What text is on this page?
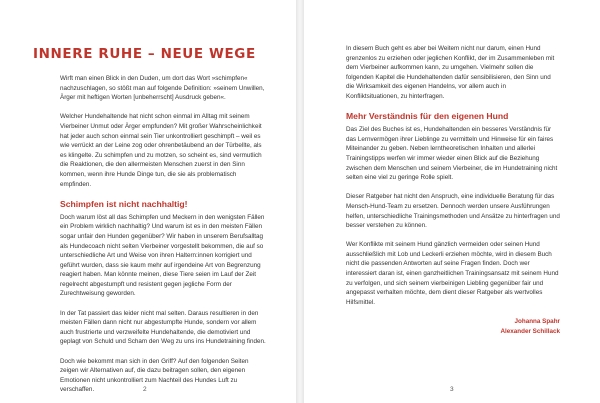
INNERE RUHE – NEUE WEGE

Wirft man einen Blick in den Duden, um dort das Wort »schimpfen« nachzuschlagen, so stößt man auf folgende Definition: »seinem Unwillen, Ärger mit heftigen Worten [unbeherrscht] Ausdruck geben«.

Welcher Hundehaltende hat nicht schon einmal im Alltag mit seinem Vierbeiner Unmut oder Ärger empfunden? Mit großer Wahrscheinlichkeit hat jeder auch schon einmal sein Tier unkontrolliert geschimpft – weil es wie verrückt an der Leine zog oder ohrenbetäubend an der Türbellte, als es klingelte. Zu schimpfen und zu motzen, so scheint es, sind vermutlich die Reaktionen, die den allermeisten Menschen zuerst in den Sinn kommen, wenn ihre Hunde Dinge tun, die sie als problematisch empfinden.

Schimpfen ist nicht nachhaltig!

Doch warum löst all das Schimpfen und Meckern in den wenigsten Fällen ein Problem wirklich nachhaltig? Und warum ist es in den meisten Fällen sogar unfair den Hunden gegenüber? Wir haben in unserem Berufsalltag als Hundecoach nicht selten Vierbeiner vorgestellt bekommen, die auf so unterschiedliche Art und Weise von ihren Haltern:innen korrigiert und geführt wurden, dass sie kaum mehr auf irgendeine Art von Begrenzung reagiert haben. Man könnte meinen, diese Tiere seien im Lauf der Zeit regelrecht abgestumpft und resistent gegen jegliche Form der Zurechtweisung geworden.

In der Tat passiert das leider nicht mal selten. Daraus resultieren in den meisten Fällen dann nicht nur abgestumpfte Hunde, sondern vor allem auch frustrierte und verzweifelte Hundehaltende, die demotiviert und geplagt von Schuld und Scham den Weg zu uns ins Hundetraining finden.

Doch wie bekommt man sich in den Griff? Auf den folgenden Seiten zeigen wir Alternativen auf, die dazu beitragen sollen, den eigenen Emotionen nicht unkontrolliert zum Nachteil des Hundes Luft zu verschaffen.

In diesem Buch geht es aber bei Weitem nicht nur darum, einen Hund grenzenlos zu erziehen oder jeglichen Konflikt, der im Zusammenleben mit dem Vierbeiner aufkommen kann, zu umgehen. Vielmehr sollen die folgenden Kapitel die Hundehaltenden dafür sensibilisieren, den Sinn und die Wirksamkeit des eigenen Handelns, vor allem auch in Konfliktsituationen, zu hinterfragen.

Mehr Verständnis für den eigenen Hund

Das Ziel des Buches ist es, Hundehaltenden ein besseres Verständnis für das Lernvermögen ihrer Lieblinge zu vermitteln und Hinweise für ein faires Miteinander zu geben. Neben lerntheoretischen Inhalten und allerlei Trainingstipps werfen wir immer wieder einen Blick auf die Beziehung zwischen dem Menschen und seinem Vierbeiner, die im Hundetraining nicht selten eine viel zu geringe Rolle spielt.

Dieser Ratgeber hat nicht den Anspruch, eine individuelle Beratung für das Mensch-Hund-Team zu ersetzen. Dennoch werden unsere Ausführungen helfen, unterschiedliche Trainingsmethoden und Ansätze zu hinterfragen und besser verstehen zu können.

Wer Konflikte mit seinem Hund gänzlich vermeiden oder seinen Hund ausschließlich mit Lob und Leckerli erziehen möchte, wird in diesem Buch nicht die passenden Antworten auf seine Fragen finden. Doch wer interessiert daran ist, einen ganzheitlichen Trainingsansatz mit seinem Hund zu verfolgen, und sich seinem vierbeinigen Liebling gegenüber fair und angepasst verhalten möchte, dem dient dieser Ratgeber als wertvolles Hilfsmittel.

Johanna Spahr
Alexander Schillack
2	3
